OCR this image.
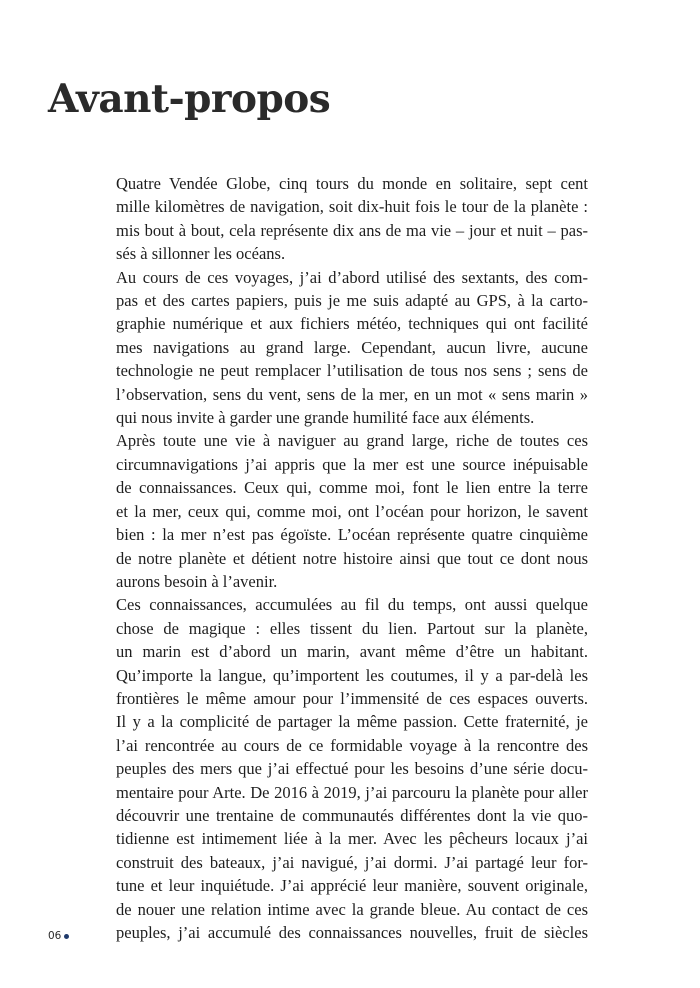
Avant-propos

Quatre Vendée Globe, cinq tours du monde en solitaire, sept cent
mille kilomètres de navigation, soit dix-huit fois le tour de la planète :
mis bout à bout, cela représente dix ans de ma vie – jour et nuit – pas-
sés à sillonner les océans.

Au cours de ces voyages, j’ai d’abord utilisé des sextants, des com-
pas et des cartes papiers, puis je me suis adapté au GPS, à la carto-
graphie numérique et aux fichiers météo, techniques qui ont facilité
mes navigations au grand large. Cependant, aucun livre, aucune
technologie ne peut remplacer l’utilisation de tous nos sens ; sens de
l’observation, sens du vent, sens de la mer, en un mot « sens marin »
qui nous invite à garder une grande humilité face aux éléments.

Après toute une vie à naviguer au grand large, riche de toutes ces
circumnavigations j’ai appris que la mer est une source inépuisable
de connaissances. Ceux qui, comme moi, font le lien entre la terre
et la mer, ceux qui, comme moi, ont l’océan pour horizon, le savent
bien : la mer n’est pas égoïste. L’océan représente quatre cinquième
de notre planète et détient notre histoire ainsi que tout ce dont nous
aurons besoin à l’avenir.

Ces connaissances, accumulées au fil du temps, ont aussi quelque
chose de magique : elles tissent du lien. Partout sur la planète,
un marin est d’abord un marin, avant même d’être un habitant.
Qu’importe la langue, qu’importent les coutumes, il y a par-delà les
frontières le même amour pour l’immensité de ces espaces ouverts.
Il y a la complicité de partager la même passion. Cette fraternité, je
l’ai rencontrée au cours de ce formidable voyage à la rencontre des
peuples des mers que j’ai effectué pour les besoins d’une série docu-
mentaire pour Arte. De 2016 à 2019, j’ai parcouru la planète pour aller
découvrir une trentaine de communautés différentes dont la vie quo-
tidienne est intimement liée à la mer. Avec les pêcheurs locaux j’ai
construit des bateaux, j’ai navigué, j’ai dormi. J’ai partagé leur for-
tune et leur inquiétude. J’ai apprécié leur manière, souvent originale,
de nouer une relation intime avec la grande bleue. Au contact de ces
peuples, j’ai accumulé des connaissances nouvelles, fruit de siècles

06
